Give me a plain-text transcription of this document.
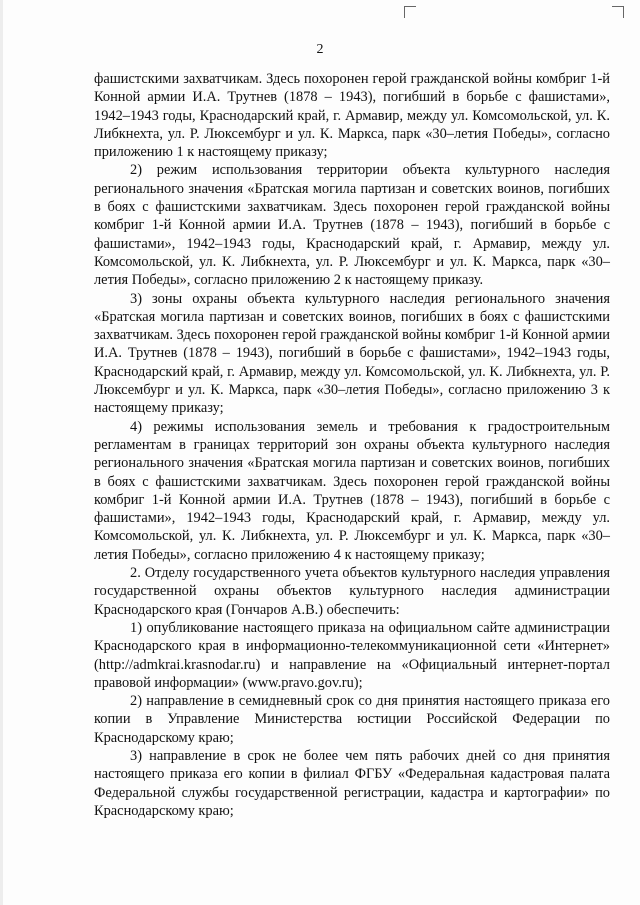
2

фашистскими захватчикам. Здесь похоронен герой гражданской войны комбриг 1-й Конной армии И.А. Трутнев (1878 – 1943), погибший в борьбе с фашистами», 1942–1943 годы, Краснодарский край, г. Армавир, между ул. Комсомольской, ул. К. Либкнехта, ул. Р. Люксембург и ул. К. Маркса, парк «30–летия Победы», согласно приложению 1 к настоящему приказу;

2) режим использования территории объекта культурного наследия регионального значения «Братская могила партизан и советских воинов, погибших в боях с фашистскими захватчикам. Здесь похоронен герой гражданской войны комбриг 1-й Конной армии И.А. Трутнев (1878 – 1943), погибший в борьбе с фашистами», 1942–1943 годы, Краснодарский край, г. Армавир, между ул. Комсомольской, ул. К. Либкнехта, ул. Р. Люксембург и ул. К. Маркса, парк «30–летия Победы», согласно приложению 2 к настоящему приказу.

3) зоны охраны объекта культурного наследия регионального значения «Братская могила партизан и советских воинов, погибших в боях с фашистскими захватчикам. Здесь похоронен герой гражданской войны комбриг 1-й Конной армии И.А. Трутнев (1878 – 1943), погибший в борьбе с фашистами», 1942–1943 годы, Краснодарский край, г. Армавир, между ул. Комсомольской, ул. К. Либкнехта, ул. Р. Люксембург и ул. К. Маркса, парк «30–летия Победы», согласно приложению 3 к настоящему приказу;

4) режимы использования земель и требования к градостроительным регламентам в границах территорий зон охраны объекта культурного наследия регионального значения «Братская могила партизан и советских воинов, погибших в боях с фашистскими захватчикам. Здесь похоронен герой гражданской войны комбриг 1-й Конной армии И.А. Трутнев (1878 – 1943), погибший в борьбе с фашистами», 1942–1943 годы, Краснодарский край, г. Армавир, между ул. Комсомольской, ул. К. Либкнехта, ул. Р. Люксембург и ул. К. Маркса, парк «30–летия Победы», согласно приложению 4 к настоящему приказу;

2. Отделу государственного учета объектов культурного наследия управления государственной охраны объектов культурного наследия администрации Краснодарского края (Гончаров А.В.) обеспечить:

1) опубликование настоящего приказа на официальном сайте администрации Краснодарского края в информационно-телекоммуникационной сети «Интернет» (http://admkrai.krasnodar.ru) и направление на «Официальный интернет-портал правовой информации» (www.pravo.gov.ru);

2) направление в семидневный срок со дня принятия настоящего приказа его копии в Управление Министерства юстиции Российской Федерации по Краснодарскому краю;

3) направление в срок не более чем пять рабочих дней со дня принятия настоящего приказа его копии в филиал ФГБУ «Федеральная кадастровая палата Федеральной службы государственной регистрации, кадастра и картографии» по Краснодарскому краю;
